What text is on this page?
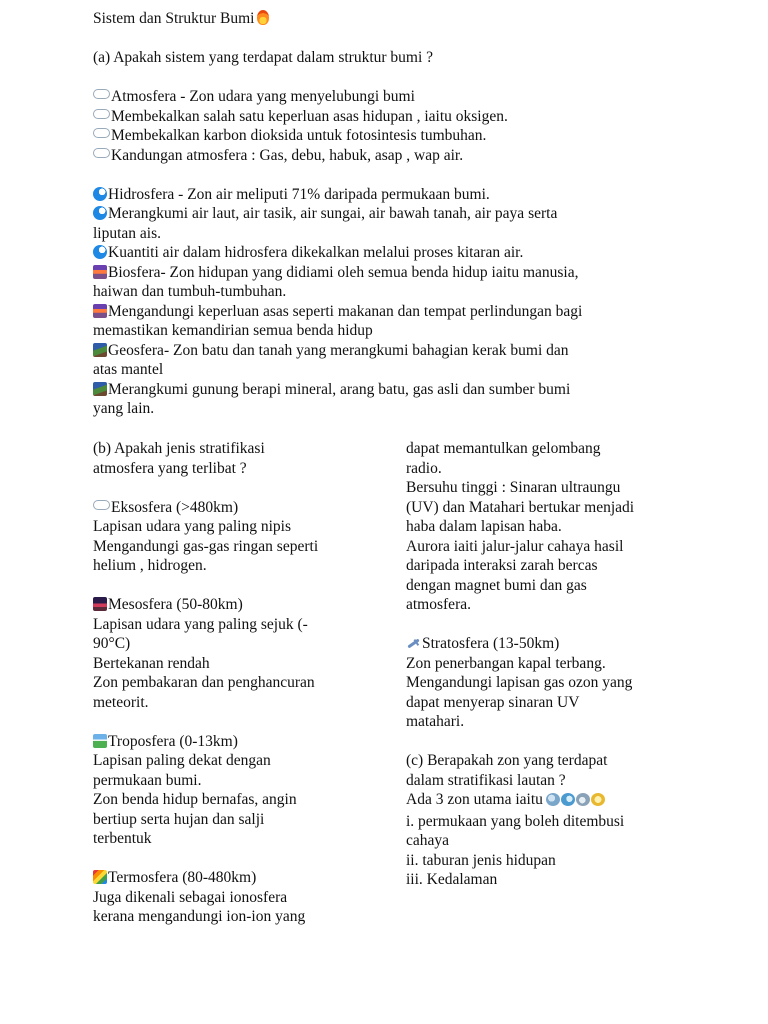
Sistem dan Struktur Bumi
(a) Apakah sistem yang terdapat dalam struktur bumi ?
Atmosfera - Zon udara yang menyelubungi bumi
Membekalkan salah satu keperluan asas hidupan , iaitu oksigen.
Membekalkan karbon dioksida untuk fotosintesis tumbuhan.
Kandungan atmosfera : Gas, debu, habuk, asap , wap air.
Hidrosfera - Zon air meliputi 71% daripada permukaan bumi.
Merangkumi air laut, air tasik, air sungai, air bawah tanah, air paya serta
liputan ais.
Kuantiti air dalam hidrosfera dikekalkan melalui proses kitaran air.
Biosfera- Zon hidupan yang didiami oleh semua benda hidup iaitu manusia,
haiwan dan tumbuh-tumbuhan.
Mengandungi keperluan asas seperti makanan dan tempat perlindungan bagi
memastikan kemandirian semua benda hidup
Geosfera- Zon batu dan tanah yang merangkumi bahagian kerak bumi dan
atas mantel
Merangkumi gunung berapi mineral, arang batu, gas asli dan sumber bumi
yang lain.
(b) Apakah jenis stratifikasi
atmosfera yang terlibat ?
Eksosfera (>480km)
Lapisan udara yang paling nipis
Mengandungi gas-gas ringan seperti
helium , hidrogen.
Mesosfera (50-80km)
Lapisan udara yang paling sejuk (-
90°C)
Bertekanan rendah
Zon pembakaran dan penghancuran
meteorit.
Troposfera (0-13km)
Lapisan paling dekat dengan
permukaan bumi.
Zon benda hidup bernafas, angin
bertiup serta hujan dan salji
terbentuk
Termosfera (80-480km)
Juga dikenali sebagai ionosfera
kerana mengandungi ion-ion yang
dapat memantulkan gelombang
radio.
Bersuhu tinggi : Sinaran ultraungu
(UV) dan Matahari bertukar menjadi
haba dalam lapisan haba.
Aurora iaiti jalur-jalur cahaya hasil
daripada interaksi zarah bercas
dengan magnet bumi dan gas
atmosfera.
Stratosfera (13-50km)
Zon penerbangan kapal terbang.
Mengandungi lapisan gas ozon yang
dapat menyerap sinaran UV
matahari.
(c) Berapakah zon yang terdapat
dalam stratifikasi lautan ?
Ada 3 zon utama iaitu
i. permukaan yang boleh ditembusi
cahaya
ii. taburan jenis hidupan
iii. Kedalaman
